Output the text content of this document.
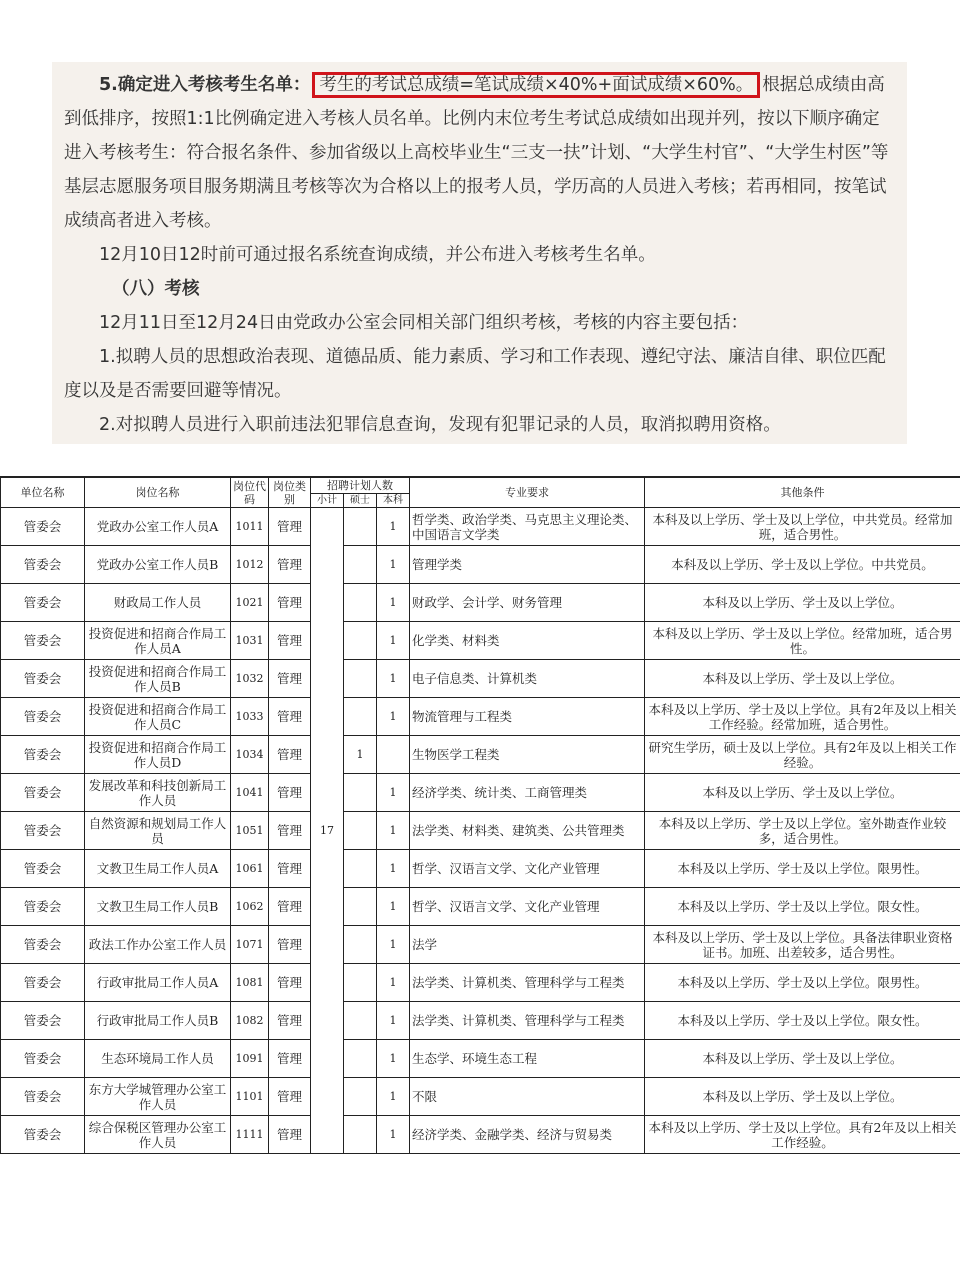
5.确定进入考核考生名单： 考生的考试总成绩=笔试成绩×40%+面试成绩×60%。 根据总成绩由高到低排序，按照1:1比例确定进入考核人员名单。比例内末位考生考试总成绩如出现并列，按以下顺序确定进入考核考生：符合报名条件、参加省级以上高校毕业生“三支一扶”计划、“大学生村官”、“大学生村医”等基层志愿服务项目服务期满且考核等次为合格以上的报考人员，学历高的人员进入考核；若再相同，按笔试成绩高者进入考核。

12月10日12时前可通过报名系统查询成绩，并公布进入考核考生名单。

（八）考核

12月11日至12月24日由党政办公室会同相关部门组织考核，考核的内容主要包括：

1.拟聘人员的思想政治表现、道德品质、能力素质、学习和工作表现、遵纪守法、廉洁自律、职位匹配度以及是否需要回避等情况。

2.对拟聘人员进行入职前违法犯罪信息查询，发现有犯罪记录的人员，取消拟聘用资格。

单位名称	岗位名称	岗位代码	岗位类别	招聘计划人数			专业要求	其他条件
				小计	硕士	本科		
管委会	党政办公室工作人员A	1011	管理	17		1	哲学类、政治学类、马克思主义理论类、中国语言文学类	本科及以上学历、学士及以上学位，中共党员。经常加班，适合男性。
管委会	党政办公室工作人员B	1012	管理			1	管理学类	本科及以上学历、学士及以上学位。中共党员。
管委会	财政局工作人员	1021	管理			1	财政学、会计学、财务管理	本科及以上学历、学士及以上学位。
管委会	投资促进和招商合作局工作人员A	1031	管理			1	化学类、材料类	本科及以上学历、学士及以上学位。经常加班，适合男性。
管委会	投资促进和招商合作局工作人员B	1032	管理			1	电子信息类、计算机类	本科及以上学历、学士及以上学位。
管委会	投资促进和招商合作局工作人员C	1033	管理			1	物流管理与工程类	本科及以上学历、学士及以上学位。具有2年及以上相关工作经验。经常加班，适合男性。
管委会	投资促进和招商合作局工作人员D	1034	管理		1		生物医学工程类	研究生学历，硕士及以上学位。具有2年及以上相关工作经验。
管委会	发展改革和科技创新局工作人员	1041	管理			1	经济学类、统计类、工商管理类	本科及以上学历、学士及以上学位。
管委会	自然资源和规划局工作人员	1051	管理			1	法学类、材料类、建筑类、公共管理类	本科及以上学历、学士及以上学位。室外勘查作业较多，适合男性。
管委会	文教卫生局工作人员A	1061	管理			1	哲学、汉语言文学、文化产业管理	本科及以上学历、学士及以上学位。限男性。
管委会	文教卫生局工作人员B	1062	管理			1	哲学、汉语言文学、文化产业管理	本科及以上学历、学士及以上学位。限女性。
管委会	政法工作办公室工作人员	1071	管理			1	法学	本科及以上学历、学士及以上学位。具备法律职业资格证书。加班、出差较多，适合男性。
管委会	行政审批局工作人员A	1081	管理			1	法学类、计算机类、管理科学与工程类	本科及以上学历、学士及以上学位。限男性。
管委会	行政审批局工作人员B	1082	管理			1	法学类、计算机类、管理科学与工程类	本科及以上学历、学士及以上学位。限女性。
管委会	生态环境局工作人员	1091	管理			1	生态学、环境生态工程	本科及以上学历、学士及以上学位。
管委会	东方大学城管理办公室工作人员	1101	管理			1	不限	本科及以上学历、学士及以上学位。
管委会	综合保税区管理办公室工作人员	1111	管理			1	经济学类、金融学类、经济与贸易类	本科及以上学历、学士及以上学位。具有2年及以上相关工作经验。
